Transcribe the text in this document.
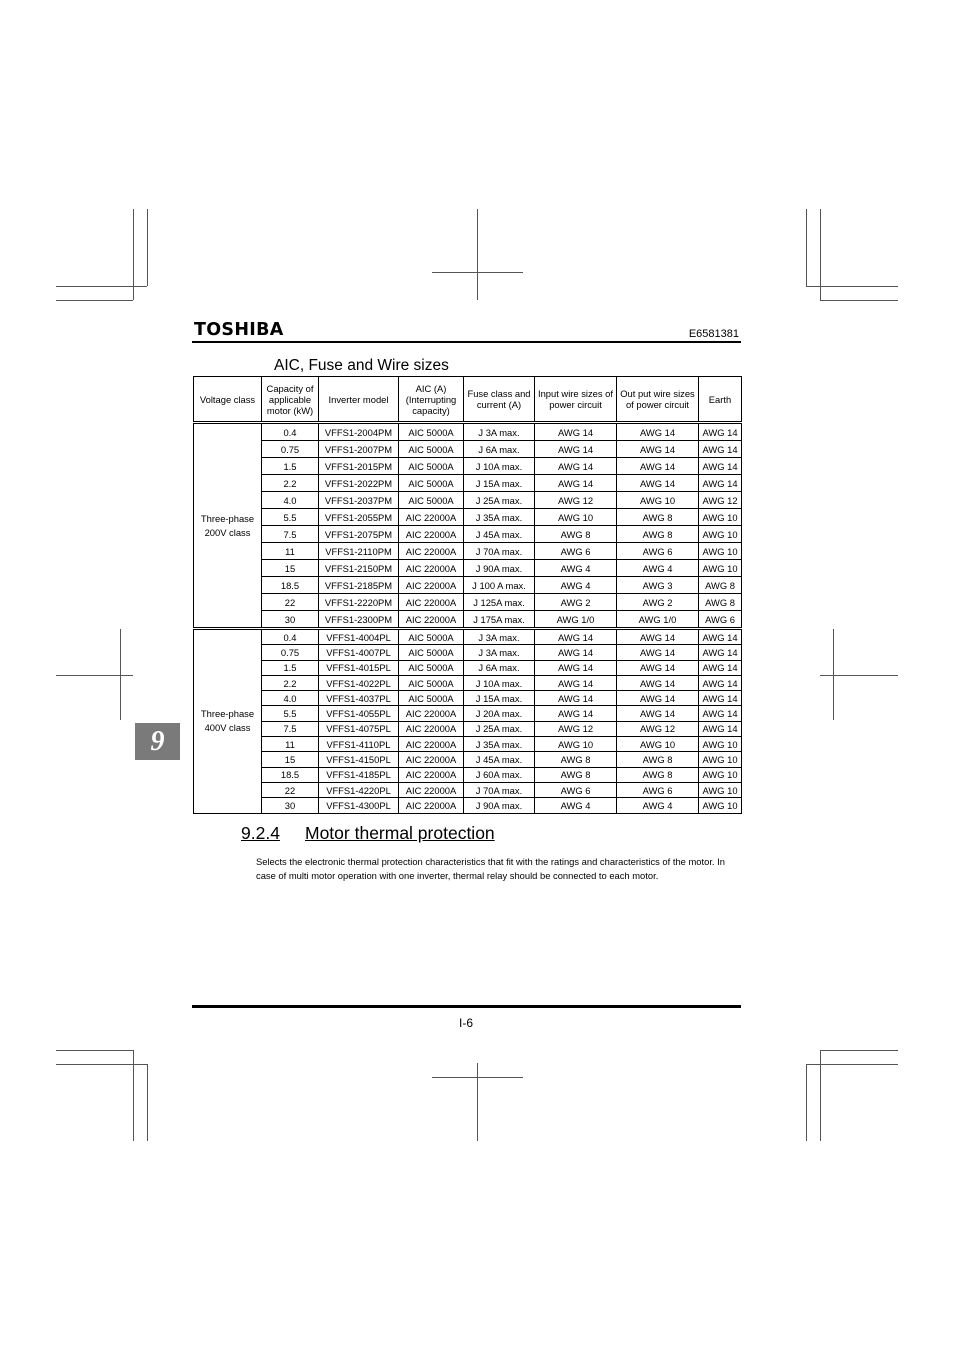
TOSHIBA	E6581381
AIC, Fuse and Wire sizes
Voltage class	Capacity of applicable motor (kW)	Inverter model	AIC (A) (Interrupting capacity)	Fuse class and current (A)	Input wire sizes of power circuit	Out put wire sizes of power circuit	Earth
Three-phase 200V class	0.4	VFFS1-2004PM	AIC 5000A	J 3A max.	AWG 14	AWG 14	AWG 14
	0.75	VFFS1-2007PM	AIC 5000A	J 6A max.	AWG 14	AWG 14	AWG 14
	1.5	VFFS1-2015PM	AIC 5000A	J 10A max.	AWG 14	AWG 14	AWG 14
	2.2	VFFS1-2022PM	AIC 5000A	J 15A max.	AWG 14	AWG 14	AWG 14
	4.0	VFFS1-2037PM	AIC 5000A	J 25A max.	AWG 12	AWG 10	AWG 12
	5.5	VFFS1-2055PM	AIC 22000A	J 35A max.	AWG 10	AWG 8	AWG 10
	7.5	VFFS1-2075PM	AIC 22000A	J 45A max.	AWG 8	AWG 8	AWG 10
	11	VFFS1-2110PM	AIC 22000A	J 70A max.	AWG 6	AWG 6	AWG 10
	15	VFFS1-2150PM	AIC 22000A	J 90A max.	AWG 4	AWG 4	AWG 10
	18.5	VFFS1-2185PM	AIC 22000A	J 100 A max.	AWG 4	AWG 3	AWG 8
	22	VFFS1-2220PM	AIC 22000A	J 125A max.	AWG 2	AWG 2	AWG 8
	30	VFFS1-2300PM	AIC 22000A	J 175A max.	AWG 1/0	AWG 1/0	AWG 6
Three-phase 400V class	0.4	VFFS1-4004PL	AIC 5000A	J 3A max.	AWG 14	AWG 14	AWG 14
	0.75	VFFS1-4007PL	AIC 5000A	J 3A max.	AWG 14	AWG 14	AWG 14
	1.5	VFFS1-4015PL	AIC 5000A	J 6A max.	AWG 14	AWG 14	AWG 14
	2.2	VFFS1-4022PL	AIC 5000A	J 10A max.	AWG 14	AWG 14	AWG 14
	4.0	VFFS1-4037PL	AIC 5000A	J 15A max.	AWG 14	AWG 14	AWG 14
	5.5	VFFS1-4055PL	AIC 22000A	J 20A max.	AWG 14	AWG 14	AWG 14
	7.5	VFFS1-4075PL	AIC 22000A	J 25A max.	AWG 12	AWG 12	AWG 14
	11	VFFS1-4110PL	AIC 22000A	J 35A max.	AWG 10	AWG 10	AWG 10
	15	VFFS1-4150PL	AIC 22000A	J 45A max.	AWG 8	AWG 8	AWG 10
	18.5	VFFS1-4185PL	AIC 22000A	J 60A max.	AWG 8	AWG 8	AWG 10
	22	VFFS1-4220PL	AIC 22000A	J 70A max.	AWG 6	AWG 6	AWG 10
	30	VFFS1-4300PL	AIC 22000A	J 90A max.	AWG 4	AWG 4	AWG 10
9
9.2.4 Motor thermal protection
Selects the electronic thermal protection characteristics that fit with the ratings and characteristics of the motor. In case of multi motor operation with one inverter, thermal relay should be connected to each motor.
I-6
